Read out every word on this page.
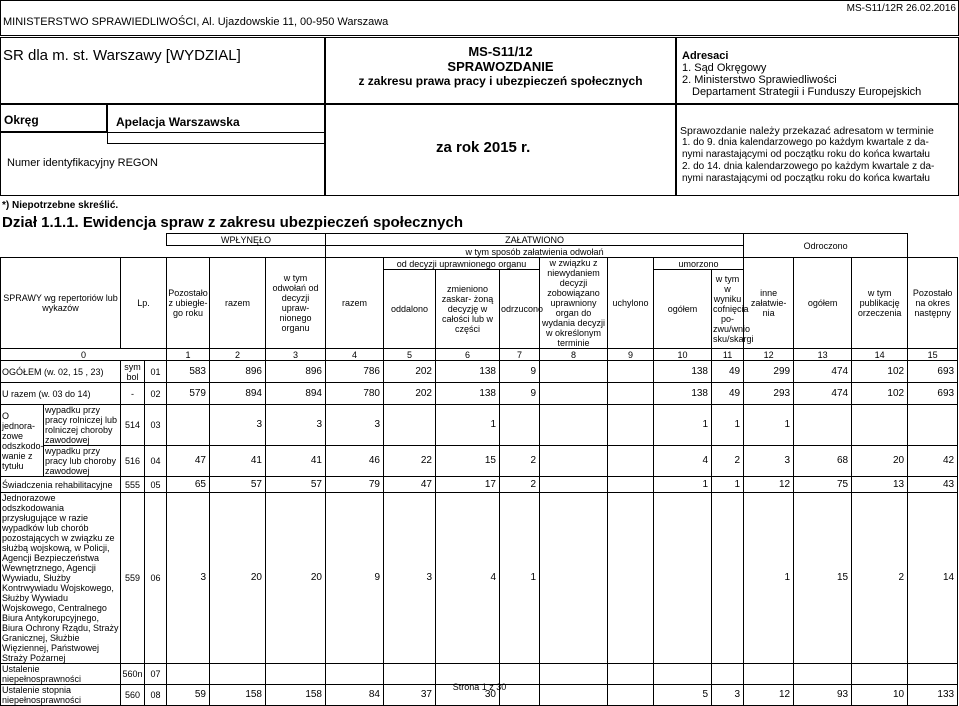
MINISTERSTWO SPRAWIEDLIWOŚCI, Al. Ujazdowskie 11, 00-950 Warszawa
MS-S11/12R 26.02.2016
SR dla m. st. Warszawy [WYDZIAL]	MS-S11/12
SPRAWOZDANIE
z zakresu prawa pracy i ubezpieczeń społecznych
Adresaci
1. Sąd Okręgowy
2. Ministerstwo Sprawiedliwości
Departament Strategii i Funduszy Europejskich
Okręg	Apelacja Warszawska
Numer identyfikacyjny REGON
za rok 2015 r.
Sprawozdanie należy przekazać adresatom w terminie
1. do 9. dnia kalendarzowego po każdym kwartale z da-
nymi narastającymi od początku roku do końca kwartału
2. do 14. dnia kalendarzowego po każdym kwartale z da-
nymi narastającymi od początku roku do końca kwartału
*) Niepotrzebne skreślić.
Dział 1.1.1. Ewidencja spraw z zakresu ubezpieczeń społecznych
				WPŁYNĘŁO			ZAŁATWIONO								Odroczono			
							w tym sposób załatwienia odwołań											
SPRAWY wg repertoriów lub wykazów		Lp.		Pozostało z ubiegłe- go roku	razem	w tym odwołań od decyzji upraw- nionego organu	razem	od decyzji uprawnionego organu			w związku z niewydaniem decyzji zobowiązano uprawniony organ do wydania decyzji w określonym terminie	uchylono	umorzono		inne załatwie- nia	ogółem	w tym publikację orzeczenia	Pozostało na okres następny
								oddalono	zmieniono zaskar- żoną decyzję w całości lub w części	odrzucono			ogółem	w tym w wyniku cofnięcia po- zwu/wnio sku/skargi				

0				1	2	3	4	5	6	7	8	9	10	11	12	13	14	15
OGÓŁEM (w. 02, 15 , 23)		sym bol	01	583	896	896	786	202	138	9			138	49	299	474	102	693
U razem (w. 03 do 14)		-	02	579	894	894	780	202	138	9			138	49	293	474	102	693
O jednora- zowe odszkodo- wanie z tytułu	wypadku przy pracy rolniczej lub rolniczej choroby zawodowej	514	03		3	3	3		1				1	1	1			
	wypadku przy pracy lub choroby zawodowej	516	04	47	41	41	46	22	15	2			4	2	3	68	20	42
Świadczenia rehabilitacyjne		555	05	65	57	57	79	47	17	2			1	1	12	75	13	43
Jednorazowe odszkodowania przysługujące w razie wypadków lub chorób pozostających w związku ze służbą wojskową, w Policji, Agencji Bezpieczeństwa Wewnętrznego, Agencji Wywiadu, Służby Kontrwywiadu Wojskowego, Służby Wywiadu Wojskowego, Centralnego Biura Antykorupcyjnego, Biura Ochrony Rządu, Straży Granicznej, Służbie Więziennej, Państwowej Straży Pożarnej		559	06	3	20	20	9	3	4	1					1	15	2	14
Ustalenie niepełnosprawności		560n	07															
Ustalenie stopnia niepełnosprawności		560	08	59	158	158	84	37	30				5	3	12	93	10	133
Strona 1 z 30
